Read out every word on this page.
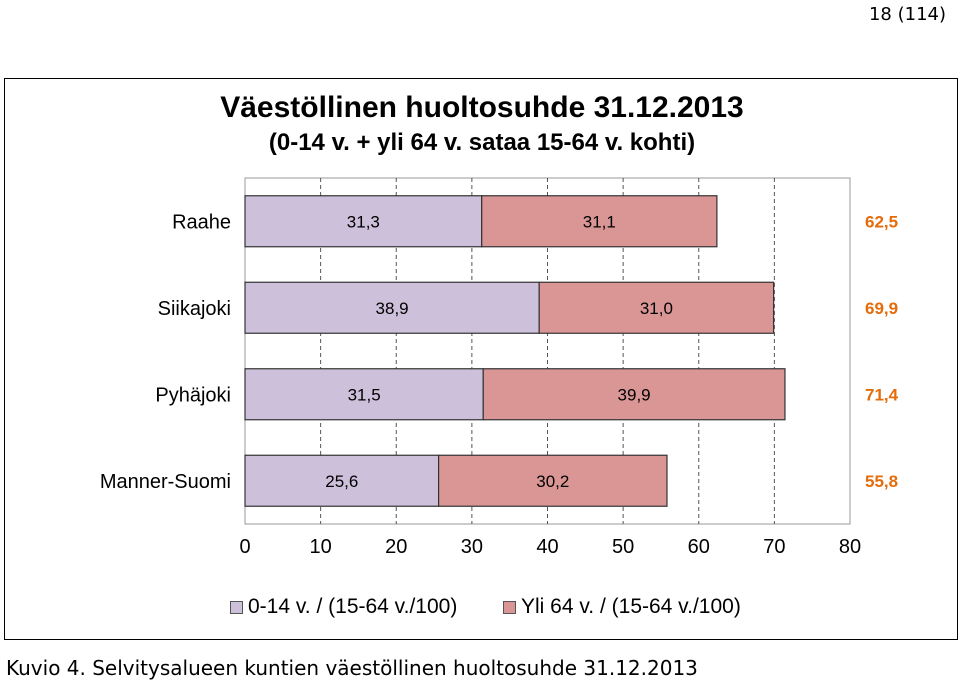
18 (114)
Väestöllinen huoltosuhde 31.12.2013
(0-14 v. + yli 64 v. sataa 15-64 v. kohti)
0	10	20	30	40	50	60	70	80
31,3	31,1
Raahe	62,5
38,9	31,0
Siikajoki	69,9
31,5	39,9
Pyhäjoki	71,4
25,6	30,2
Manner-Suomi	55,8
0-14 v. / (15-64 v./100)	Yli 64 v. / (15-64 v./100)
Kuvio 4. Selvitysalueen kuntien väestöllinen huoltosuhde 31.12.2013
